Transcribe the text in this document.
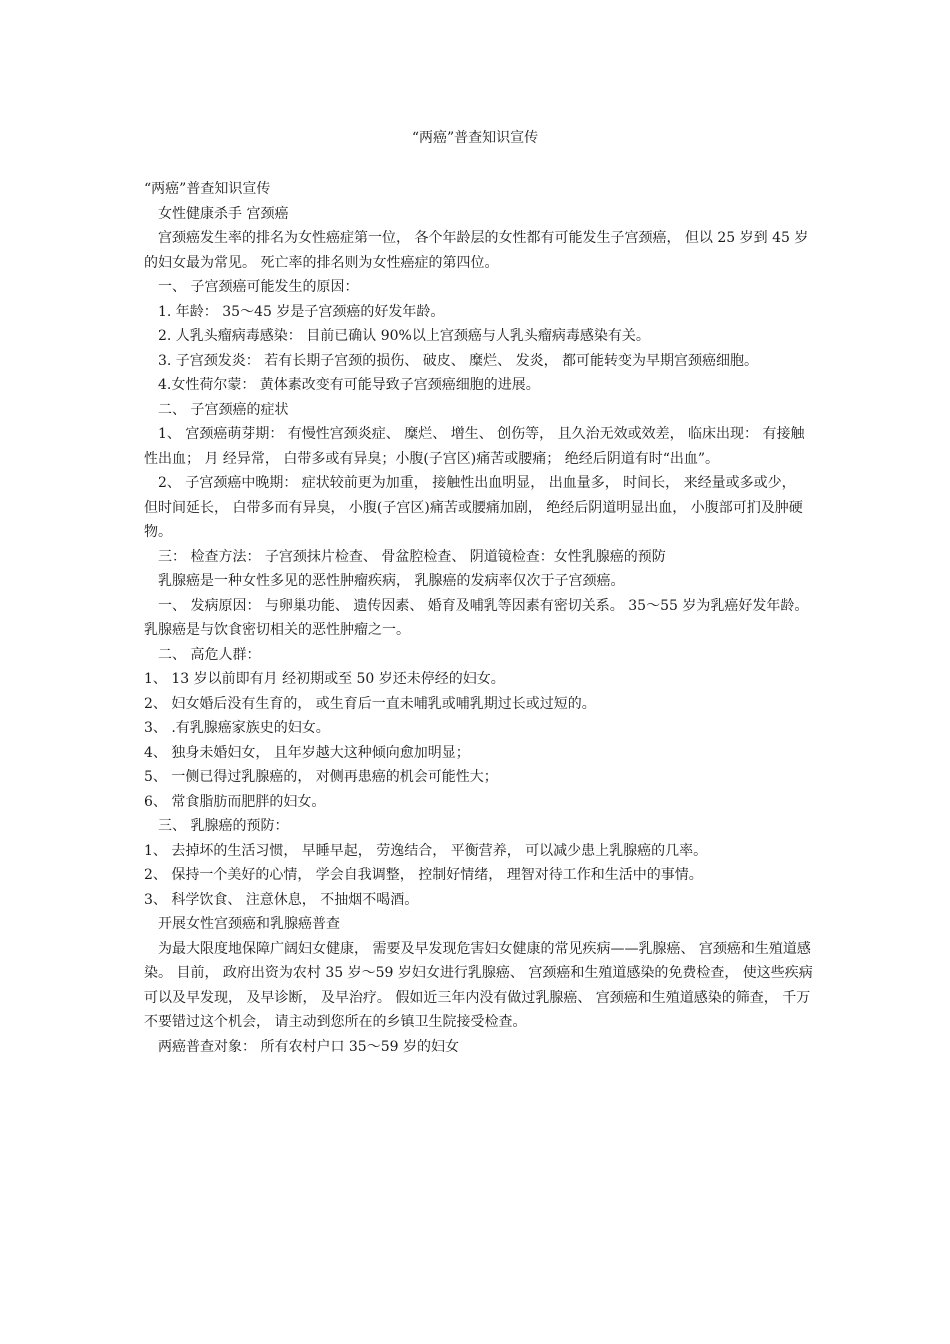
“两癌”普查知识宣传

“两癌”普查知识宣传

女性健康杀手 宫颈癌

宫颈癌发生率的排名为女性癌症第一位， 各个年龄层的女性都有可能发生子宫颈癌， 但以 25 岁到 45 岁的妇女最为常见。 死亡率的排名则为女性癌症的第四位。

一、 子宫颈癌可能发生的原因：

1. 年龄： 35～45 岁是子宫颈癌的好发年龄。

2. 人乳头瘤病毒感染： 目前已确认 90%以上宫颈癌与人乳头瘤病毒感染有关。

3. 子宫颈发炎： 若有长期子宫颈的损伤、 破皮、 糜烂、 发炎， 都可能转变为早期宫颈癌细胞。

4.女性荷尔蒙： 黄体素改变有可能导致子宫颈癌细胞的进展。

二、 子宫颈癌的症状

1、 宫颈癌萌芽期： 有慢性宫颈炎症、 糜烂、 增生、 创伤等， 且久治无效或效差， 临床出现： 有接触性出血； 月 经异常， 白带多或有异臭；小腹(子宫区)痛苦或腰痛； 绝经后阴道有时“出血”。

2、 子宫颈癌中晚期： 症状较前更为加重， 接触性出血明显， 出血量多， 时间长， 来经量或多或少， 但时间延长， 白带多而有异臭， 小腹(子宫区)痛苦或腰痛加剧， 绝经后阴道明显出血， 小腹部可扪及肿硬物。

三： 检查方法： 子宫颈抹片检查、 骨盆腔检查、 阴道镜检查：女性乳腺癌的预防

乳腺癌是一种女性多见的恶性肿瘤疾病， 乳腺癌的发病率仅次于子宫颈癌。

一、 发病原因： 与卵巢功能、 遗传因素、 婚育及哺乳等因素有密切关系。 35～55 岁为乳癌好发年龄。 乳腺癌是与饮食密切相关的恶性肿瘤之一。

二、 高危人群：

1、 13 岁以前即有月 经初期或至 50 岁还未停经的妇女。

2、 妇女婚后没有生育的， 或生育后一直未哺乳或哺乳期过长或过短的。

3、 .有乳腺癌家族史的妇女。

4、 独身未婚妇女， 且年岁越大这种倾向愈加明显；

5、 一侧已得过乳腺癌的， 对侧再患癌的机会可能性大；

6、 常食脂肪而肥胖的妇女。

三、 乳腺癌的预防：

1、 去掉坏的生活习惯， 早睡早起， 劳逸结合， 平衡营养， 可以减少患上乳腺癌的几率。

2、 保持一个美好的心情， 学会自我调整， 控制好情绪， 理智对待工作和生活中的事情。

3、 科学饮食、 注意休息， 不抽烟不喝酒。

开展女性宫颈癌和乳腺癌普查

为最大限度地保障广阔妇女健康， 需要及早发现危害妇女健康的常见疾病——乳腺癌、 宫颈癌和生殖道感染。 目前， 政府出资为农村 35 岁～59 岁妇女进行乳腺癌、 宫颈癌和生殖道感染的免费检查， 使这些疾病可以及早发现， 及早诊断， 及早治疗。 假如近三年内没有做过乳腺癌、 宫颈癌和生殖道感染的筛查， 千万不要错过这个机会， 请主动到您所在的乡镇卫生院接受检查。

两癌普查对象： 所有农村户口 35～59 岁的妇女
